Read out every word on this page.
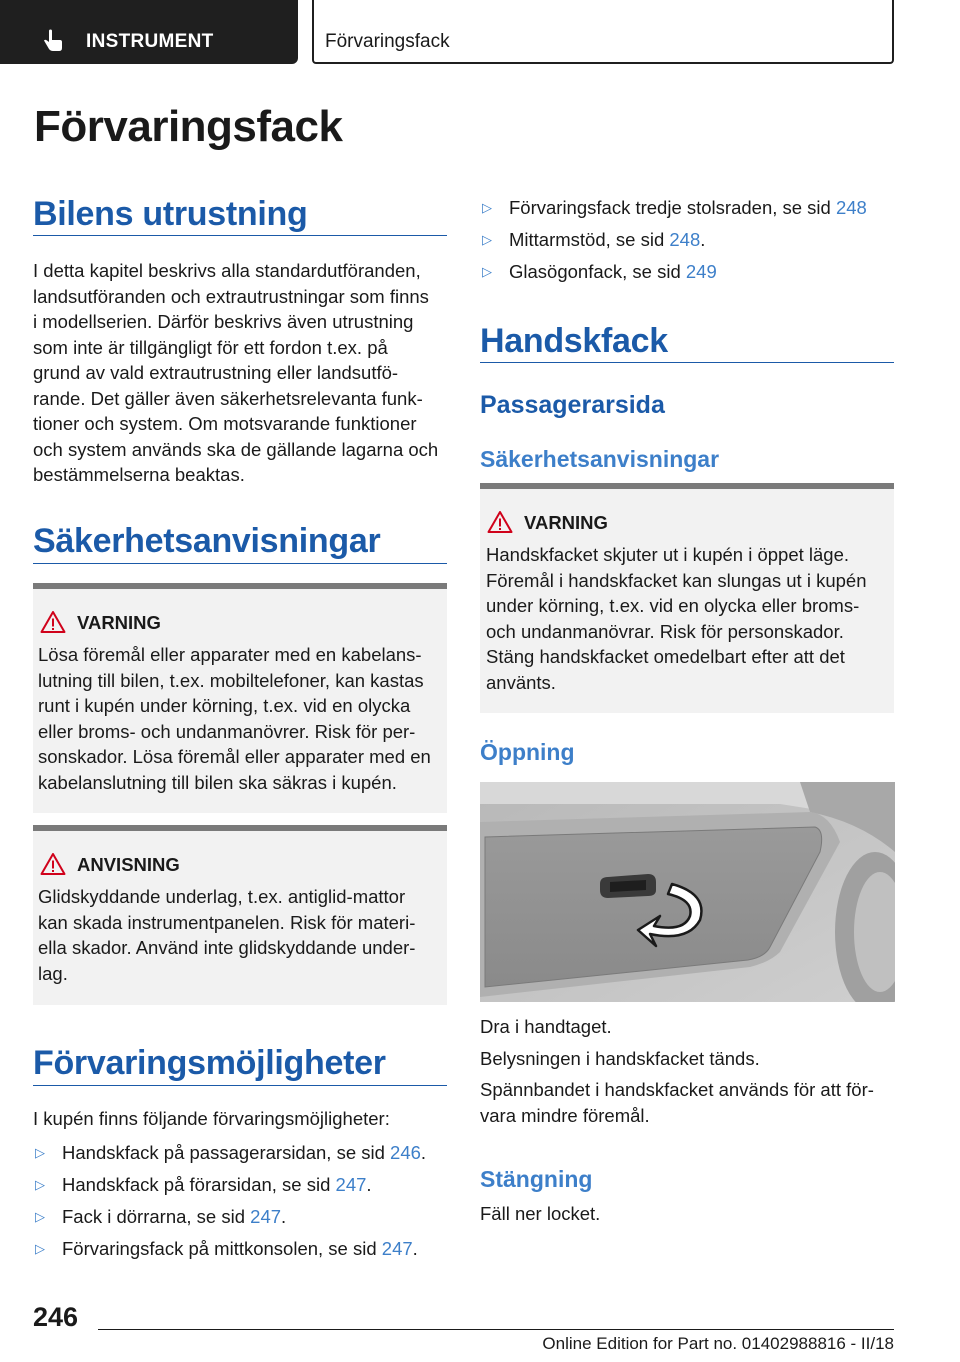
INSTRUMENT	Förvaringsfack
Förvaringsfack
Bilens utrustning
I detta kapitel beskrivs alla standardutföranden,
landsutföranden och extrautrustningar som finns
i modellserien. Därför beskrivs även utrustning
som inte är tillgängligt för ett fordon t.ex. på
grund av vald extrautrustning eller landsutfö-
rande. Det gäller även säkerhetsrelevanta funk-
tioner och system. Om motsvarande funktioner
och system används ska de gällande lagarna och
bestämmelserna beaktas.
Säkerhetsanvisningar
VARNING
Lösa föremål eller apparater med en kabelans-
lutning till bilen, t.ex. mobiltelefoner, kan kastas
runt i kupén under körning, t.ex. vid en olycka
eller broms- och undanmanövrer. Risk för per-
sonskador. Lösa föremål eller apparater med en
kabelanslutning till bilen ska säkras i kupén.
ANVISNING
Glidskyddande underlag, t.ex. antiglid-mattor
kan skada instrumentpanelen. Risk för materi-
ella skador. Använd inte glidskyddande under-
lag.
Förvaringsmöjligheter
I kupén finns följande förvaringsmöjligheter:
▷ Handskfack på passagerarsidan, se sid 246.
▷ Handskfack på förarsidan, se sid 247.
▷ Fack i dörrarna, se sid 247.
▷ Förvaringsfack på mittkonsolen, se sid 247.
▷ Förvaringsfack tredje stolsraden, se sid 248
▷ Mittarmstöd, se sid 248.
▷ Glasögonfack, se sid 249
Handskfack
Passagerarsida
Säkerhetsanvisningar
VARNING
Handskfacket skjuter ut i kupén i öppet läge.
Föremål i handskfacket kan slungas ut i kupén
under körning, t.ex. vid en olycka eller broms-
och undanmanövrar. Risk för personskador.
Stäng handskfacket omedelbart efter att det
använts.
Öppning
Dra i handtaget.
Belysningen i handskfacket tänds.
Spännbandet i handskfacket används för att för-
vara mindre föremål.
Stängning
Fäll ner locket.
246
Online Edition for Part no. 01402988816 - II/18
